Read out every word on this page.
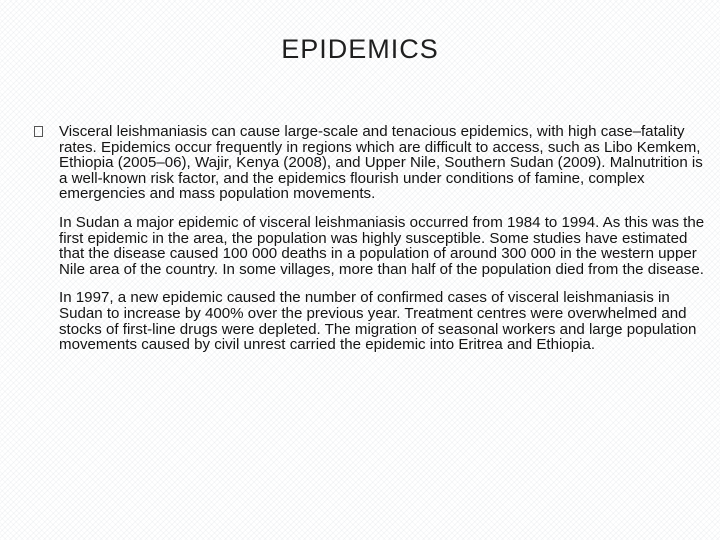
EPIDEMICS
Visceral leishmaniasis can cause large-scale and tenacious epidemics, with high case–fatality rates. Epidemics occur frequently in regions which are difficult to access, such as Libo Kemkem, Ethiopia (2005–06), Wajir, Kenya (2008), and Upper Nile, Southern Sudan (2009). Malnutrition is a well-known risk factor, and the epidemics flourish under conditions of famine, complex emergencies and mass population movements.
In Sudan a major epidemic of visceral leishmaniasis occurred from 1984 to 1994. As this was the first epidemic in the area, the population was highly susceptible. Some studies have estimated that the disease caused 100 000 deaths in a population of around 300 000 in the western upper Nile area of the country. In some villages, more than half of the population died from the disease.
In 1997, a new epidemic caused the number of confirmed cases of visceral leishmaniasis in Sudan to increase by 400% over the previous year. Treatment centres were overwhelmed and stocks of first-line drugs were depleted. The migration of seasonal workers and large population movements caused by civil unrest carried the epidemic into Eritrea and Ethiopia.
